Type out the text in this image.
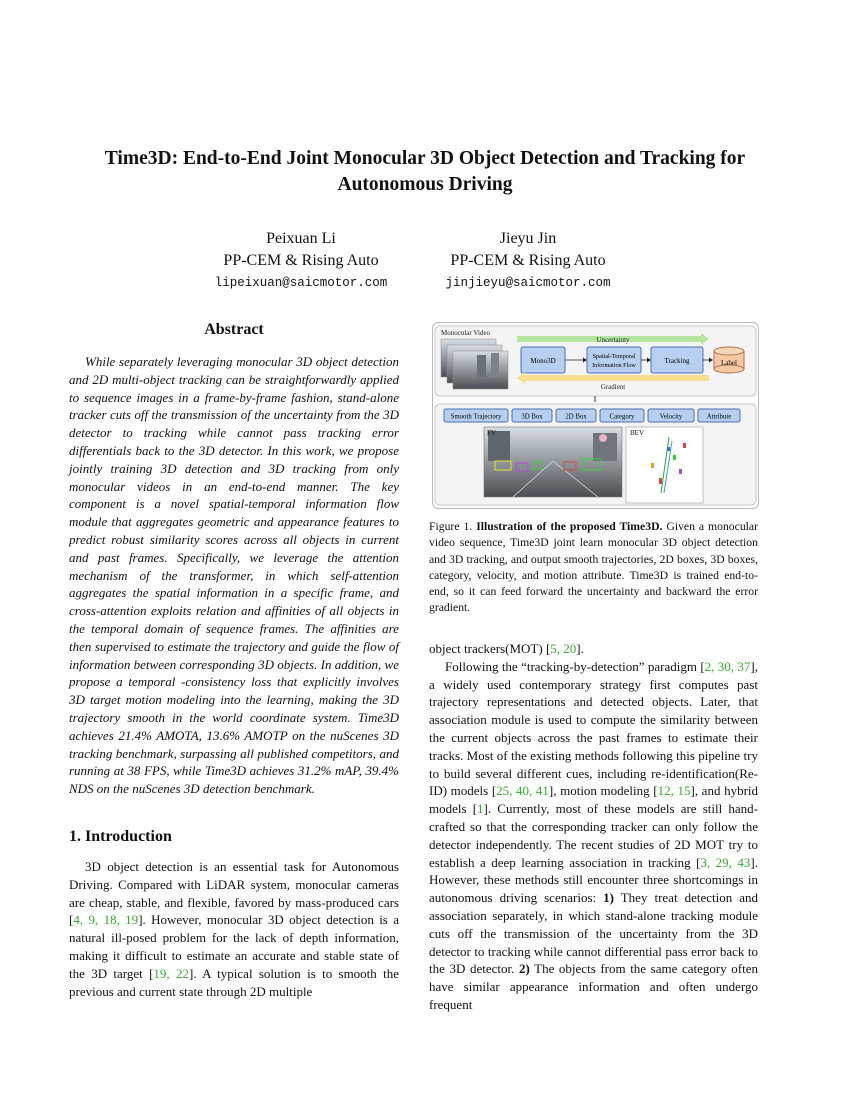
Time3D: End-to-End Joint Monocular 3D Object Detection and Tracking for Autonomous Driving
Peixuan Li
PP-CEM & Rising Auto
lipeixuan@saicmotor.com
Jieyu Jin
PP-CEM & Rising Auto
jinjieyu@saicmotor.com
Abstract
While separately leveraging monocular 3D object detection and 2D multi-object tracking can be straightforwardly applied to sequence images in a frame-by-frame fashion, stand-alone tracker cuts off the transmission of the uncertainty from the 3D detector to tracking while cannot pass tracking error differentials back to the 3D detector. In this work, we propose jointly training 3D detection and 3D tracking from only monocular videos in an end-to-end manner. The key component is a novel spatial-temporal information flow module that aggregates geometric and appearance features to predict robust similarity scores across all objects in current and past frames. Specifically, we leverage the attention mechanism of the transformer, in which self-attention aggregates the spatial information in a specific frame, and cross-attention exploits relation and affinities of all objects in the temporal domain of sequence frames. The affinities are then supervised to estimate the trajectory and guide the flow of information between corresponding 3D objects. In addition, we propose a temporal -consistency loss that explicitly involves 3D target motion modeling into the learning, making the 3D trajectory smooth in the world coordinate system. Time3D achieves 21.4% AMOTA, 13.6% AMOTP on the nuScenes 3D tracking benchmark, surpassing all published competitors, and running at 38 FPS, while Time3D achieves 31.2% mAP, 39.4% NDS on the nuScenes 3D detection benchmark.
1. Introduction
3D object detection is an essential task for Autonomous Driving. Compared with LiDAR system, monocular cameras are cheap, stable, and flexible, favored by mass-produced cars [4, 9, 18, 19]. However, monocular 3D object detection is a natural ill-posed problem for the lack of depth information, making it difficult to estimate an accurate and stable state of the 3D target [19, 22]. A typical solution is to smooth the previous and current state through 2D multiple
Monocular Video
Uncertainty
Mono3D
Spatial-Temporal
Information Flow
Tracking	Label
Gradient
⇓
Smooth Trajectory	3D Box	2D Box	Category	Velocity	Attribute
FV	BEV
Figure 1. Illustration of the proposed Time3D. Given a monocular video sequence, Time3D joint learn monocular 3D object detection and 3D tracking, and output smooth trajectories, 2D boxes, 3D boxes, category, velocity, and motion attribute. Time3D is trained end-to-end, so it can feed forward the uncertainty and backward the error gradient.

object trackers(MOT) [5, 20].

Following the “tracking-by-detection” paradigm [2, 30, 37], a widely used contemporary strategy first computes past trajectory representations and detected objects. Later, that association module is used to compute the similarity between the current objects across the past frames to estimate their tracks. Most of the existing methods following this pipeline try to build several different cues, including re-identification(Re-ID) models [25, 40, 41], motion modeling [12, 15], and hybrid models [1]. Currently, most of these models are still hand-crafted so that the corresponding tracker can only follow the detector independently. The recent studies of 2D MOT try to establish a deep learning association in tracking [3, 29, 43]. However, these methods still encounter three shortcomings in autonomous driving scenarios: 1) They treat detection and association separately, in which stand-alone tracking module cuts off the transmission of the uncertainty from the 3D detector to tracking while cannot differential pass error back to the 3D detector. 2) The objects from the same category often have similar appearance information and often undergo frequent
